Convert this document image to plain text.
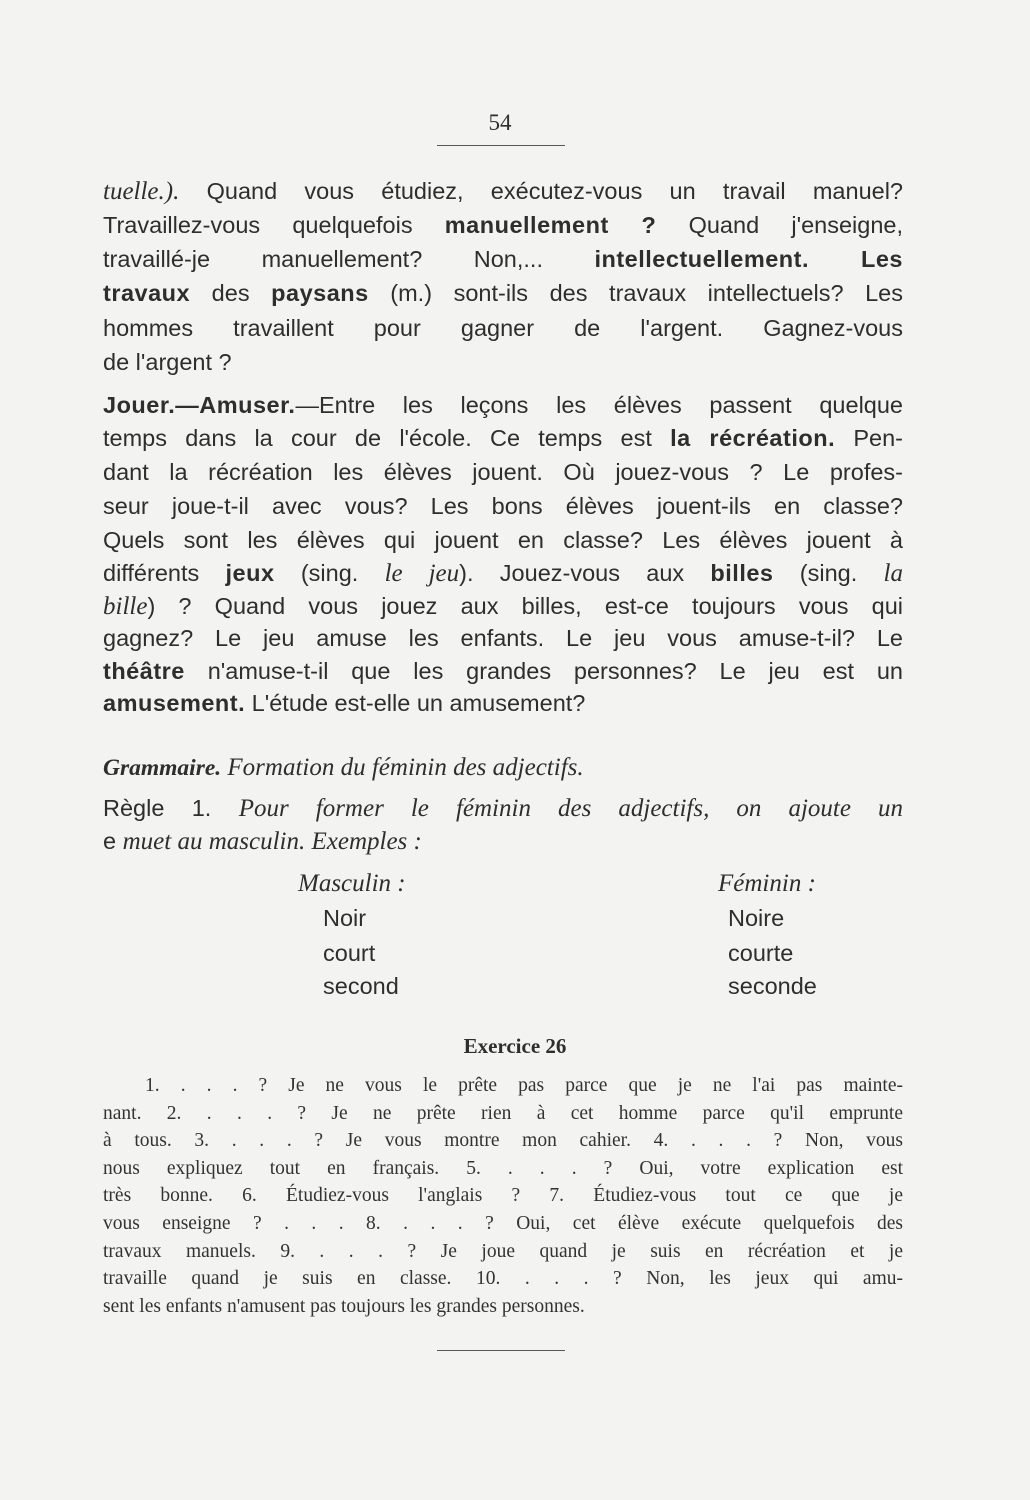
54
tuelle.). Quand vous étudiez, exécutez-vous un travail manuel?
Travaillez-vous quelquefois manuellement ? Quand j'enseigne,
travaillé-je manuellement? Non,... intellectuellement. Les
travaux des paysans (m.) sont-ils des travaux intellectuels? Les
hommes travaillent pour gagner de l'argent. Gagnez-vous
de l'argent ?
Jouer.—Amuser.—Entre les leçons les élèves passent quelque
temps dans la cour de l'école. Ce temps est la récréation. Pen-
dant la récréation les élèves jouent. Où jouez-vous ? Le profes-
seur joue-t-il avec vous? Les bons élèves jouent-ils en classe?
Quels sont les élèves qui jouent en classe? Les élèves jouent à
différents jeux (sing. le jeu). Jouez-vous aux billes (sing. la
bille) ? Quand vous jouez aux billes, est-ce toujours vous qui
gagnez? Le jeu amuse les enfants. Le jeu vous amuse-t-il? Le
théâtre n'amuse-t-il que les grandes personnes? Le jeu est un
amusement. L'étude est-elle un amusement?
Grammaire. Formation du féminin des adjectifs.
Règle 1. Pour former le féminin des adjectifs, on ajoute un
e muet au masculin. Exemples :
Masculin :	Féminin :
Noir	Noire
court	courte
second	seconde
Exercice 26
1. . . . ? Je ne vous le prête pas parce que je ne l'ai pas mainte-
nant. 2. . . . ? Je ne prête rien à cet homme parce qu'il emprunte
à tous. 3. . . . ? Je vous montre mon cahier. 4. . . . ? Non, vous
nous expliquez tout en français. 5. . . . ? Oui, votre explication est
très bonne. 6. Étudiez-vous l'anglais ? 7. Étudiez-vous tout ce que je
vous enseigne ? . . . 8. . . . ? Oui, cet élève exécute quelquefois des
travaux manuels. 9. . . . ? Je joue quand je suis en récréation et je
travaille quand je suis en classe. 10. . . . ? Non, les jeux qui amu-
sent les enfants n'amusent pas toujours les grandes personnes.
